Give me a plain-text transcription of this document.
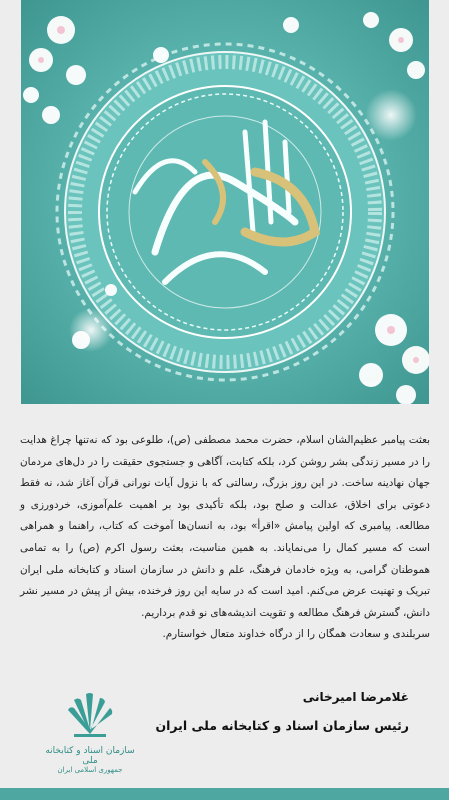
بعثت پیامبر عظیم‌الشان اسلام، حضرت محمد مصطفی (ص)، طلوعی بود که نه‌تنها چراغ هدایت را در مسیر زندگی بشر روشن کرد، بلکه کتابت، آگاهی و جستجوی حقیقت را در دل‌های مردمان جهان نهادینه ساخت. در این روز بزرگ، رسالتی که با نزول آیات نورانی قرآن آغاز شد، نه فقط دعوتی برای اخلاق، عدالت و صلح بود، بلکه تأکیدی بود بر اهمیت علم‌آموزی، خردورزی و مطالعه. پیامبری که اولین پیامش «اقرأ» بود، به انسان‌ها آموخت که کتاب، راهنما و همراهی است که مسیر کمال را می‌نمایاند. به همین مناسبت، بعثت رسول اکرم (ص) را به تمامی هموطنان گرامی، به ویژه خادمان فرهنگ، علم و دانش در سازمان اسناد و کتابخانه ملی ایران تبریک و تهنیت عرض می‌کنم. امید است که در سایه این روز فرخنده، بیش از پیش در مسیر نشر دانش، گسترش فرهنگ مطالعه و تقویت اندیشه‌های نو قدم برداریم.

سربلندی و سعادت همگان را از درگاه خداوند متعال خواستارم.

غلامرضا امیرخانی
رئیس سازمان اسناد و کتابخانه ملی ایران
سازمان اسناد و کتابخانه ملی
جمهوری اسلامی ایران
